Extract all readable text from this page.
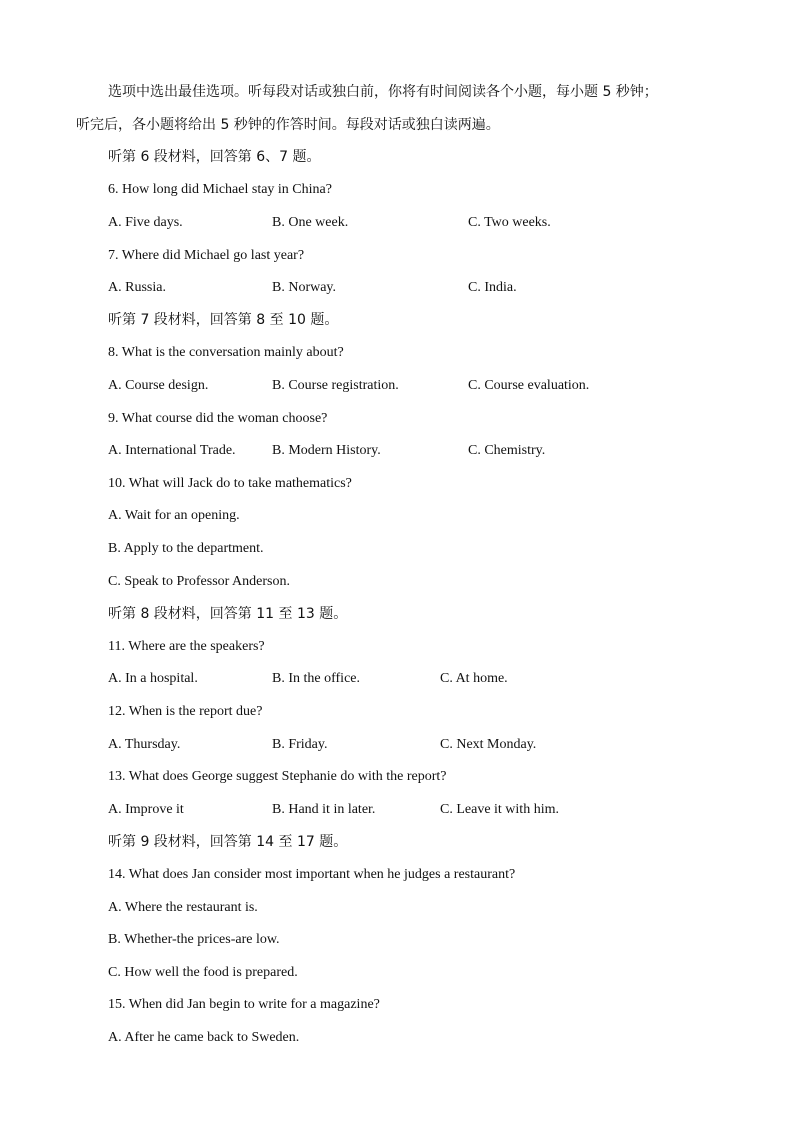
选项中选出最佳选项。听每段对话或独白前，你将有时间阅读各个小题，每小题 5 秒钟；
听完后，各小题将给出 5 秒钟的作答时间。每段对话或独白读两遍。
听第 6 段材料，回答第 6、7 题。
6. How long did Michael stay in China?
A. Five days.	B. One week.	C. Two weeks.
7. Where did Michael go last year?
A. Russia.	B. Norway.	C. India.
听第 7 段材料，回答第 8 至 10 题。
8. What is the conversation mainly about?
A. Course design.	B. Course registration.	C. Course evaluation.
9. What course did the woman choose?
A. International Trade.	B. Modern History.	C. Chemistry.
10. What will Jack do to take mathematics?
A. Wait for an opening.
B. Apply to the department.
C. Speak to Professor Anderson.
听第 8 段材料，回答第 11 至 13 题。
11. Where are the speakers?
A. In a hospital.	B. In the office.	C. At home.
12. When is the report due?
A. Thursday.	B. Friday.	C. Next Monday.
13. What does George suggest Stephanie do with the report?
A. Improve it	B. Hand it in later.	C. Leave it with him.
听第 9 段材料，回答第 14 至 17 题。
14. What does Jan consider most important when he judges a restaurant?
A. Where the restaurant is.
B. Whether-the prices-are low.
C. How well the food is prepared.
15. When did Jan begin to write for a magazine?
A. After he came back to Sweden.
